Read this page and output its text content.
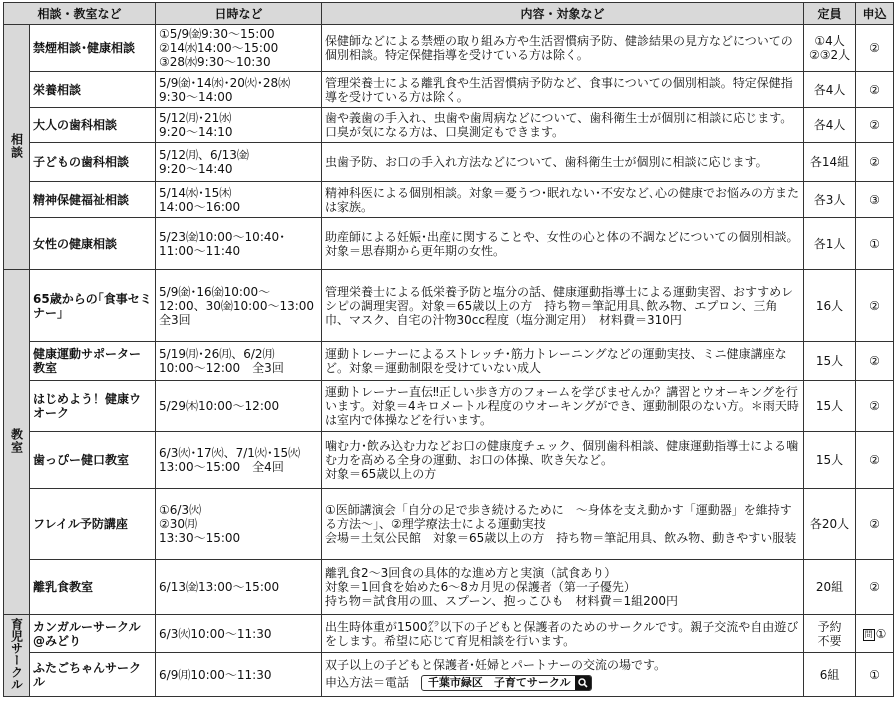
相談・教室など		日時など	内容・対象など	定員	申込
相談	禁煙相談･健康相談	①5/9㈮9:30～15:00
②14㈬14:00～15:00
③28㈬9:30～10:30	保健師などによる禁煙の取り組み方や生活習慣病予防、健診結果の見方などについての個別相談。特定保健指導を受けている方は除く。	①4人
②③2人	②
	栄養相談	5/9㈮･14㈬･20㈫･28㈬
9:30～14:00	管理栄養士による離乳食や生活習慣病予防など、食事についての個別相談。特定保健指導を受けている方は除く。	各4人	②
	大人の歯科相談	5/12㈪･21㈬
9:20～14:10	歯や義歯の手入れ、虫歯や歯周病などについて、歯科衛生士が個別に相談に応じます。口臭が気になる方は、口臭測定もできます。	各4人	②
	子どもの歯科相談	5/12㈪、6/13㈮
9:20～14:40	虫歯予防、お口の手入れ方法などについて、歯科衛生士が個別に相談に応じます。	各14組	②
	精神保健福祉相談	5/14㈬･15㈭
14:00～16:00	精神科医による個別相談。対象＝憂うつ･眠れない･不安など､心の健康でお悩みの方または家族。	各3人	③
	女性の健康相談	5/23㈮10:00～10:40･
11:00～11:40	助産師による妊娠･出産に関することや、女性の心と体の不調などについての個別相談。
対象＝思春期から更年期の女性。	各1人	①
教室	65歳からの｢食事セミナー｣	5/9㈮･16㈮10:00～
12:00、30㈮10:00～13:00
全3回	管理栄養士による低栄養予防と塩分の話、健康運動指導士による運動実習、おすすめレシピの調理実習。対象＝65歳以上の方　持ち物＝筆記用具､飲み物、エプロン、三角巾、マスク、自宅の汁物30cc程度（塩分測定用）　材料費＝310円	16人	②
	健康運動サポーター教室	5/19㈪･26㈪、6/2㈪
10:00～12:00　全3回	運動トレーナーによるストレッチ･筋力トレーニングなどの運動実技、ミニ健康講座など。対象＝運動制限を受けていない成人	15人	②
	はじめよう！健康ウオーク	5/29㈭10:00～12:00	運動トレーナー直伝‼正しい歩き方のフォームを学びませんか？講習とウオーキングを行います。対象＝4キロメートル程度のウオーキングができ、運動制限のない方。＊雨天時は室内で体操などを行います。	15人	②
	歯っぴー健口教室	6/3㈫･17㈫、7/1㈫･15㈫
13:00～15:00　全4回	噛む力･飲み込む力などお口の健康度チェック、個別歯科相談、健康運動指導士による噛む力を高める全身の運動、お口の体操、吹き矢など。
対象＝65歳以上の方	15人	②
	フレイル予防講座	①6/3㈫
②30㈪
13:30～15:00	①医師講演会「自分の足で歩き続けるために　～身体を支え動かす「運動器」を維持する方法～」、②理学療法士による運動実技
会場＝土気公民館　対象＝65歳以上の方　持ち物＝筆記用具、飲み物、動きやすい服装	各20人	②
	離乳食教室	6/13㈮13:00～15:00	離乳食2～3回食の具体的な進め方と実演（試食あり）
対象＝1回食を始めた6～8カ月児の保護者（第一子優先）
持ち物＝試食用の皿、スプーン、抱っこひも　材料費＝1組200円	20組	②
育児サークル	カンガルーサークル@みどり	6/3㈫10:00～11:30	出生時体重が1500㌘以下の子どもと保護者のためのサークルです。親子交流や自由遊びをします。希望に応じて育児相談を行います。	予約
不要	問 ①
	ふたごちゃんサークル	6/9㈪10:00～11:30	双子以上の子どもと保護者･妊婦とパートナーの交流の場です。
申込方法＝電話 千葉市緑区　子育てサークル	6組	①
